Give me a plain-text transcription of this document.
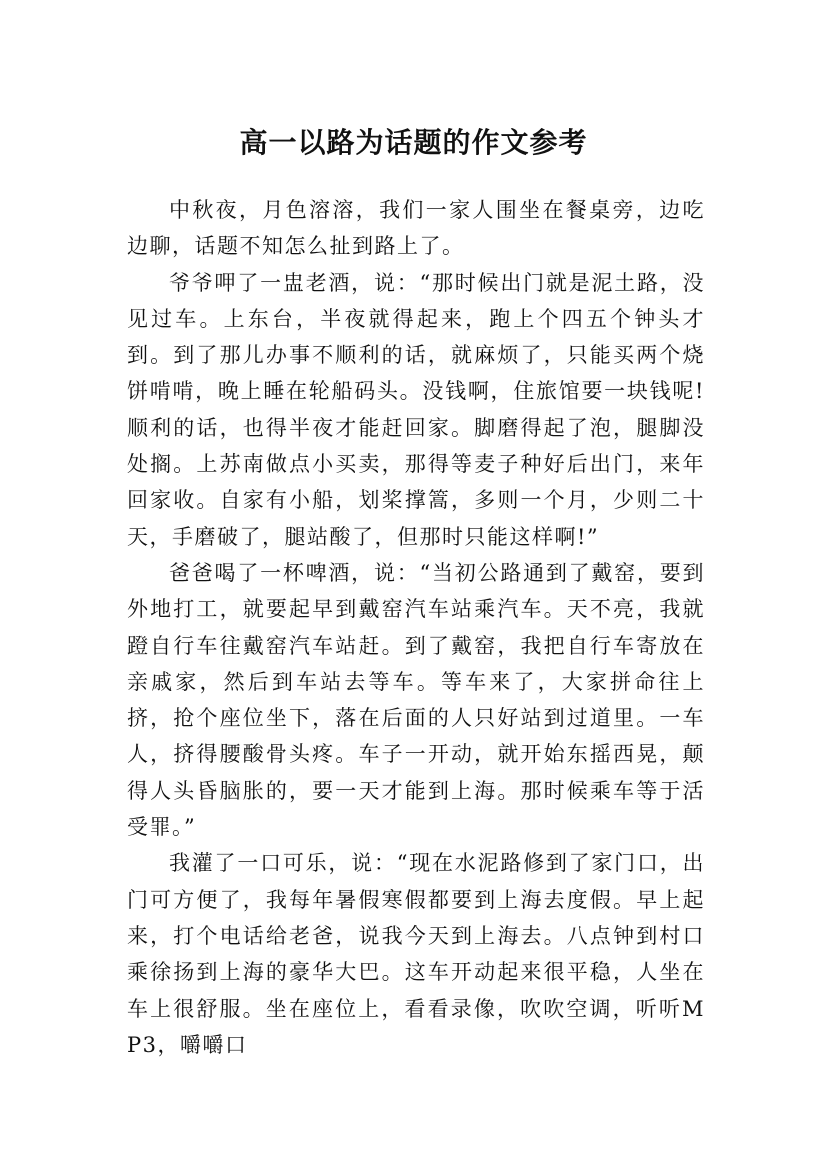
高一以路为话题的作文参考

中秋夜，月色溶溶，我们一家人围坐在餐桌旁，边吃边聊，话题不知怎么扯到路上了。

爷爷呷了一盅老酒，说：“那时候出门就是泥土路，没见过车。上东台，半夜就得起来，跑上个四五个钟头才到。到了那儿办事不顺利的话，就麻烦了，只能买两个烧饼啃啃，晚上睡在轮船码头。没钱啊，住旅馆要一块钱呢!顺利的话，也得半夜才能赶回家。脚磨得起了泡，腿脚没处搁。上苏南做点小买卖，那得等麦子种好后出门，来年回家收。自家有小船，划桨撑篙，多则一个月，少则二十天，手磨破了，腿站酸了，但那时只能这样啊!”

爸爸喝了一杯啤酒，说：“当初公路通到了戴窑，要到外地打工，就要起早到戴窑汽车站乘汽车。天不亮，我就蹬自行车往戴窑汽车站赶。到了戴窑，我把自行车寄放在亲戚家，然后到车站去等车。等车来了，大家拼命往上挤，抢个座位坐下，落在后面的人只好站到过道里。一车人，挤得腰酸骨头疼。车子一开动，就开始东摇西晃，颠得人头昏脑胀的，要一天才能到上海。那时候乘车等于活受罪。”

我灌了一口可乐，说：“现在水泥路修到了家门口，出门可方便了，我每年暑假寒假都要到上海去度假。早上起来，打个电话给老爸，说我今天到上海去。八点钟到村口乘徐扬到上海的豪华大巴。这车开动起来很平稳，人坐在车上很舒服。坐在座位上，看看录像，吹吹空调，听听MP3，嚼嚼口
